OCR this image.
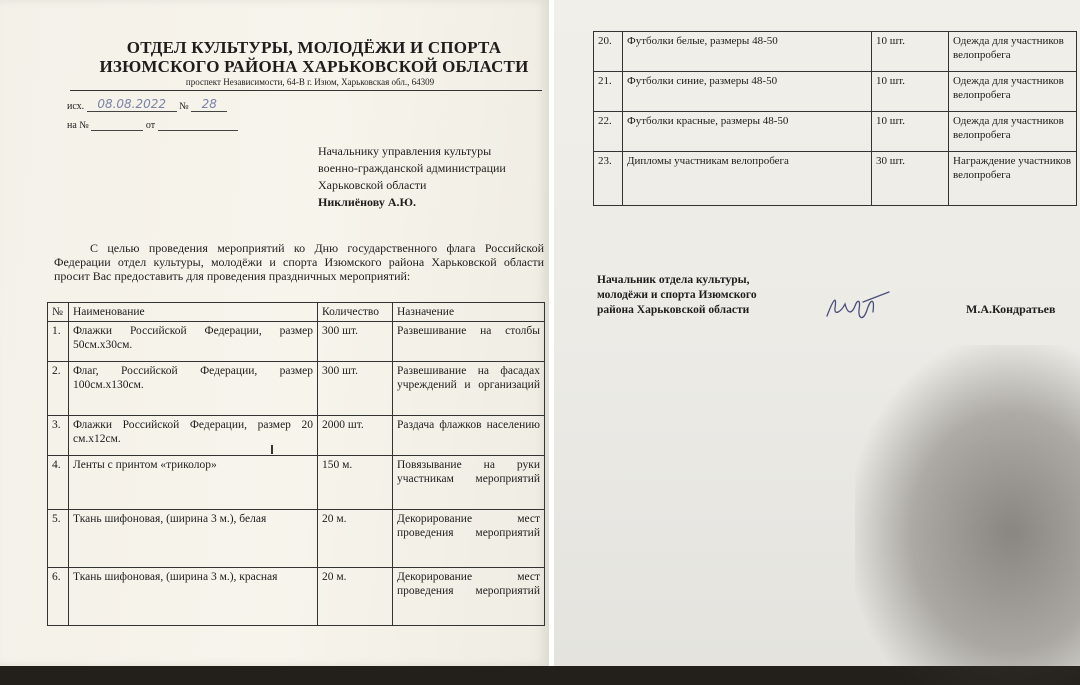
ОТДЕЛ КУЛЬТУРЫ, МОЛОДЁЖИ И СПОРТА
ИЗЮМСКОГО РАЙОНА ХАРЬКОВСКОЙ ОБЛАСТИ
проспект Независимости, 64-В г. Изюм, Харьковская обл., 64309
исх. 08.08.2022 № 28
на №	от
Начальнику управления культуры
военно-гражданской администрации
Харьковской области
Никлиёнову А.Ю.
С целью проведения мероприятий ко Дню государственного флага Российской Федерации отдел культуры, молодёжи и спорта Изюмского района Харьковской области просит Вас предоставить для проведения праздничных мероприятий:
№	Наименование	Количество	Назначение
1.	Флажки Российской Федерации, размер 50см.х30см.	300 шт.	Развешивание на столбы
2.	Флаг, Российской Федерации, размер 100см.х130см.	300 шт.	Развешивание на фасадах учреждений и организаций
3.	Флажки Российской Федерации, размер 20 см.х12см.	2000 шт.	Раздача флажков населению
4.	Ленты с принтом «триколор»	150 м.	Повязывание на руки участникам мероприятий
5.	Ткань шифоновая, (ширина 3 м.), белая	20 м.	Декорирование мест проведения мероприятий
6.	Ткань шифоновая, (ширина 3 м.), красная	20 м.	Декорирование мест проведения мероприятий
20.	Футболки белые, размеры 48-50	10 шт.	Одежда для участников велопробега
21.	Футболки синие, размеры 48-50	10 шт.	Одежда для участников велопробега
22.	Футболки красные, размеры 48-50	10 шт.	Одежда для участников велопробега
23.	Дипломы участникам велопробега	30 шт.	Награждение участников велопробега
Начальник отдела культуры,
молодёжи и спорта Изюмского
района Харьковской области	М.А.Кондратьев
